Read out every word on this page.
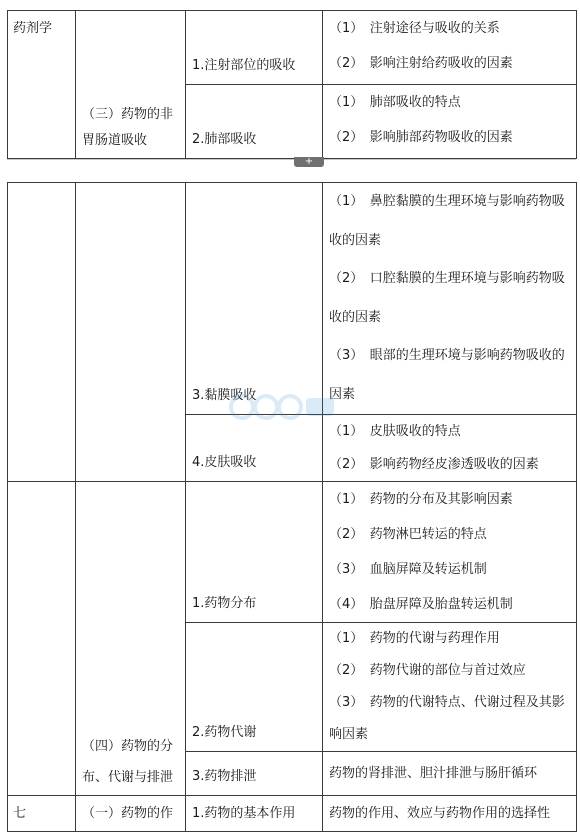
药剂学	（三）药物的非胃肠道吸收	1.注射部位的吸收	（1）　注射途径与吸收的关系
（2）　影响注射给药吸收的因素

		2.肺部吸收	（1）　肺部吸收的特点
（2）　影响肺部药物吸收的因素
+

		3.黏膜吸收	（1）　鼻腔黏膜的生理环境与影响药物吸收的因素
（2）　口腔黏膜的生理环境与影响药物吸收的因素
（3）　眼部的生理环境与影响药物吸收的因素

		4.皮肤吸收	（1）　皮肤吸收的特点
（2）　影响药物经皮渗透吸收的因素

	（四）药物的分布、代谢与排泄	1.药物分布	（1）　药物的分布及其影响因素
（2）　药物淋巴转运的特点
（3）　血脑屏障及转运机制
（4）　胎盘屏障及胎盘转运机制

		2.药物代谢	（1）　药物的代谢与药理作用
（2）　药物代谢的部位与首过效应
（3）　药物的代谢特点、代谢过程及其影响因素

		3.药物排泄	药物的肾排泄、胆汁排泄与肠肝循环

七	（一）药物的作	1.药物的基本作用	药物的作用、效应与药物作用的选择性
